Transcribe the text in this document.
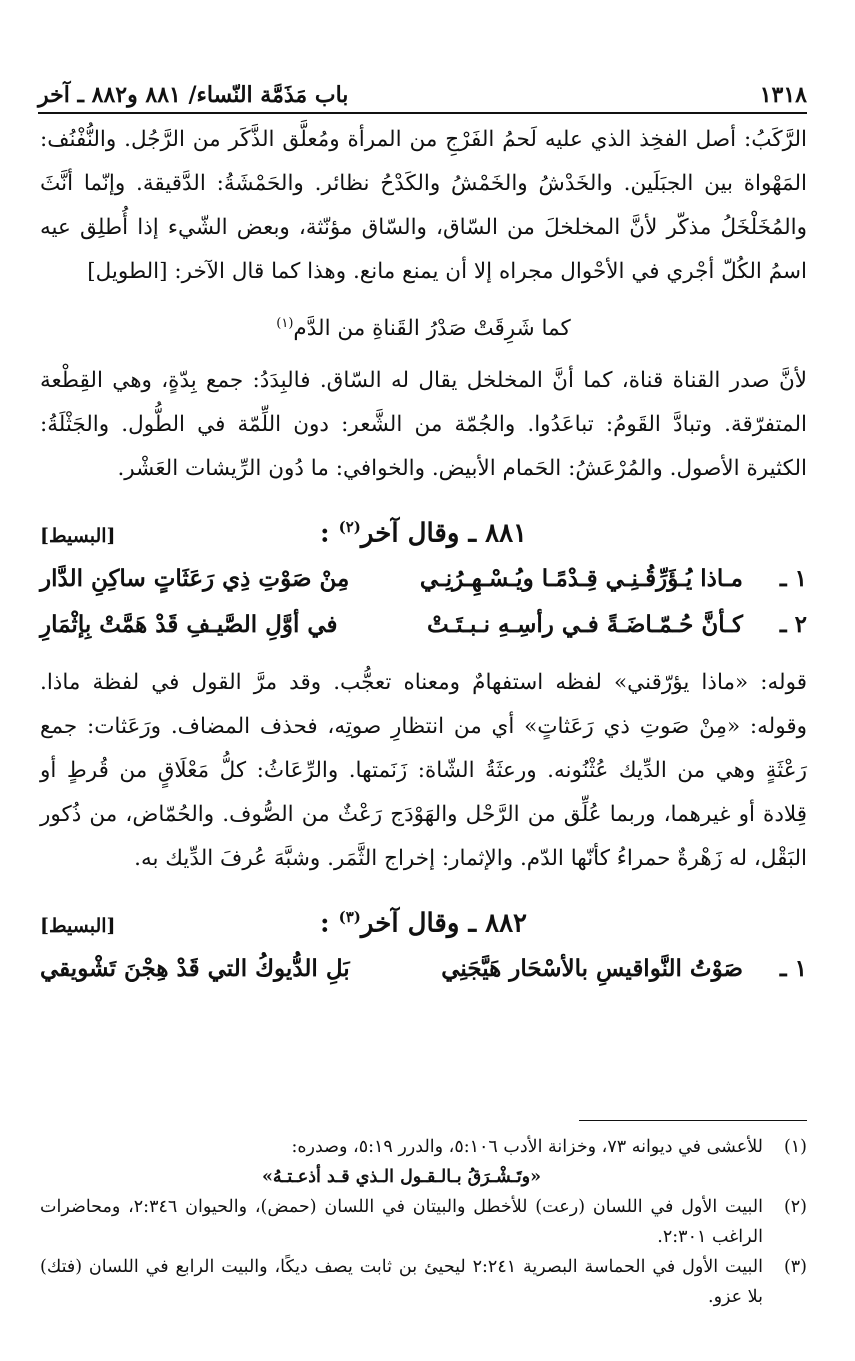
١٣١٨
باب مَذَمَّة النّساء/ ٨٨١ و٨٨٢ ـ آخر

الرَّكَبُ: أصل الفخِذ الذي عليه لَحمُ الفَرْجِ من المرأة ومُعلَّق الذَّكَر من الرَّجُل. والنُّفْنُف: المَهْواة بين الجبَلَين. والخَدْشُ والخَمْشُ والكَدْحُ نظائر. والحَمْشَةُ: الدَّقيقة. وإنّما أنَّثَ والمُخَلْخَلُ مذكّر لأنَّ المخلخلَ من السّاق، والسّاق مؤنّثة، وبعض الشّيء إذا أُطلِق عيه اسمُ الكُلّ أجْري في الأحْوال مجراه إلا أن يمنع مانع. وهذا كما قال الآخر: [الطويل]

كما شَرِقَتْ صَدْرُ القَناةِ من الدَّم$^{(١)}$

لأنَّ صدر القناة قناة، كما أنَّ المخلخل يقال له السّاق. فالبِدَدُ: جمع بِدّةٍ، وهي القِطْعة المتفرّقة. وتبادَّ القَومُ: تباعَدُوا. والجُمّة من الشَّعر: دون اللِّمّة في الطُّول. والجَثْلَةُ: الكثيرة الأصول. والمُرْعَشُ: الحَمام الأبيض. والخوافي: ما دُون الرِّيشات العَشْر.

٨٨١ ـ وقال آخر$^{(٢)}$ :
[البسيط]
١ ـ
مـاذا يُـؤَرِّقُـنِـي قِـدْمًـا ويُـسْـهِـرُنِـي
مِنْ صَوْتِ ذِي رَعَثَاتٍ ساكِنِ الدَّار
٢ ـ
كـأنَّ حُـمّـاضَـةً فـي رأسِـهِ نـبـتَـتْ
في أوَّلِ الصَّيـفِ قَدْ هَمَّتْ بِإثْمَارِ

قوله: «ماذا يؤرّقني» لفظه استفهامٌ ومعناه تعجُّب. وقد مرَّ القول في لفظة ماذا. وقوله: «مِنْ صَوتِ ذي رَعَثاتٍ» أي من انتظارِ صوتِه، فحذف المضاف. ورَعَثات: جمع رَعْثَةٍ وهي من الدِّيك عُثْنُونه. ورعثَةُ الشّاة: زَنَمتها. والرِّعَاثُ: كلُّ مَعْلَاقٍ من قُرطٍ أو قِلادة أو غيرهما، وربما عُلِّق من الرَّحْل والهَوْدَج رَعْثٌ من الصُّوف. والحُمّاض، من ذُكور البَقْل، له زَهْرةٌ حمراءُ كأنّها الدّم. والإثمار: إخراج الثَّمَر. وشبَّهَ عُرفَ الدِّيك به.

٨٨٢ ـ وقال آخر$^{(٣)}$ :
[البسيط]
١ ـ
صَوْتُ النَّواقيسِ بالأسْحَار هَيَّجَنِي
بَلِ الدُّيوكُ التي قَدْ هِجْنَ تَشْويقي
(١)
للأعشى في ديوانه ٧٣، وخزانة الأدب ٥:١٠٦، والدرر ٥:١٩، وصدره:
«وتَـشْـرَقُ بـالـقـول الـذي قـد أذعـتـهُ»
(٢)
البيت الأول في اللسان (رعت) للأخطل والبيتان في اللسان (حمض)، والحيوان ٢:٣٤٦، ومحاضرات الراغب ٢:٣٠١.
(٣)
البيت الأول في الحماسة البصرية ٢:٢٤١ ليحيئ بن ثابت يصف ديكًا، والبيت الرابع في اللسان (فتك) بلا عزو.
